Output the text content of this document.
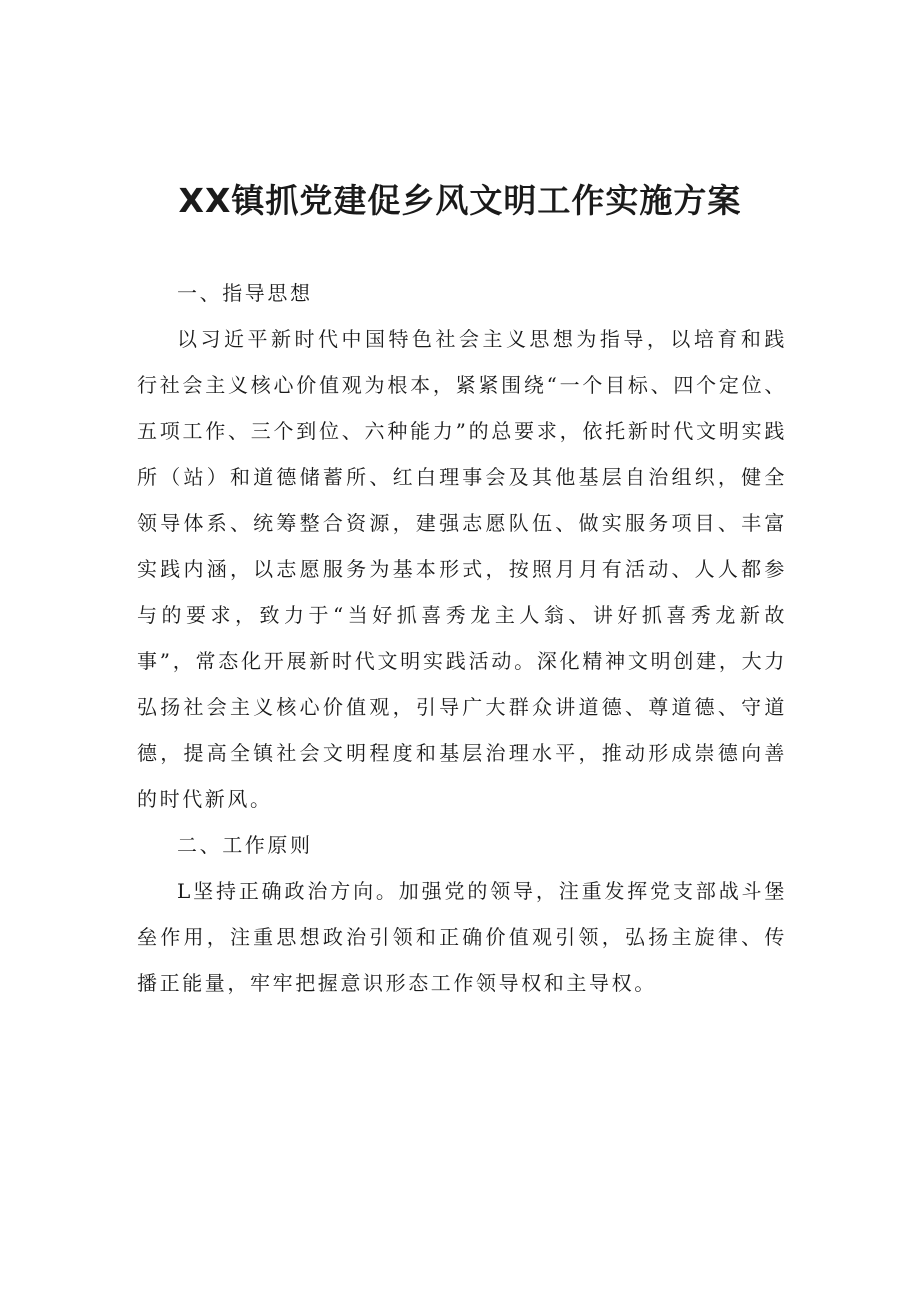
XX镇抓党建促乡风文明工作实施方案

一、指导思想

以习近平新时代中国特色社会主义思想为指导，以培育和践行社会主义核心价值观为根本，紧紧围绕“一个目标、四个定位、五项工作、三个到位、六种能力”的总要求，依托新时代文明实践所（站）和道德储蓄所、红白理事会及其他基层自治组织，健全领导体系、统筹整合资源，建强志愿队伍、做实服务项目、丰富实践内涵，以志愿服务为基本形式，按照月月有活动、人人都参与的要求，致力于“当好抓喜秀龙主人翁、讲好抓喜秀龙新故事”，常态化开展新时代文明实践活动。深化精神文明创建，大力弘扬社会主义核心价值观，引导广大群众讲道德、尊道德、守道德，提高全镇社会文明程度和基层治理水平，推动形成崇德向善的时代新风。

二、工作原则

L坚持正确政治方向。加强党的领导，注重发挥党支部战斗堡垒作用，注重思想政治引领和正确价值观引领，弘扬主旋律、传播正能量，牢牢把握意识形态工作领导权和主导权。
